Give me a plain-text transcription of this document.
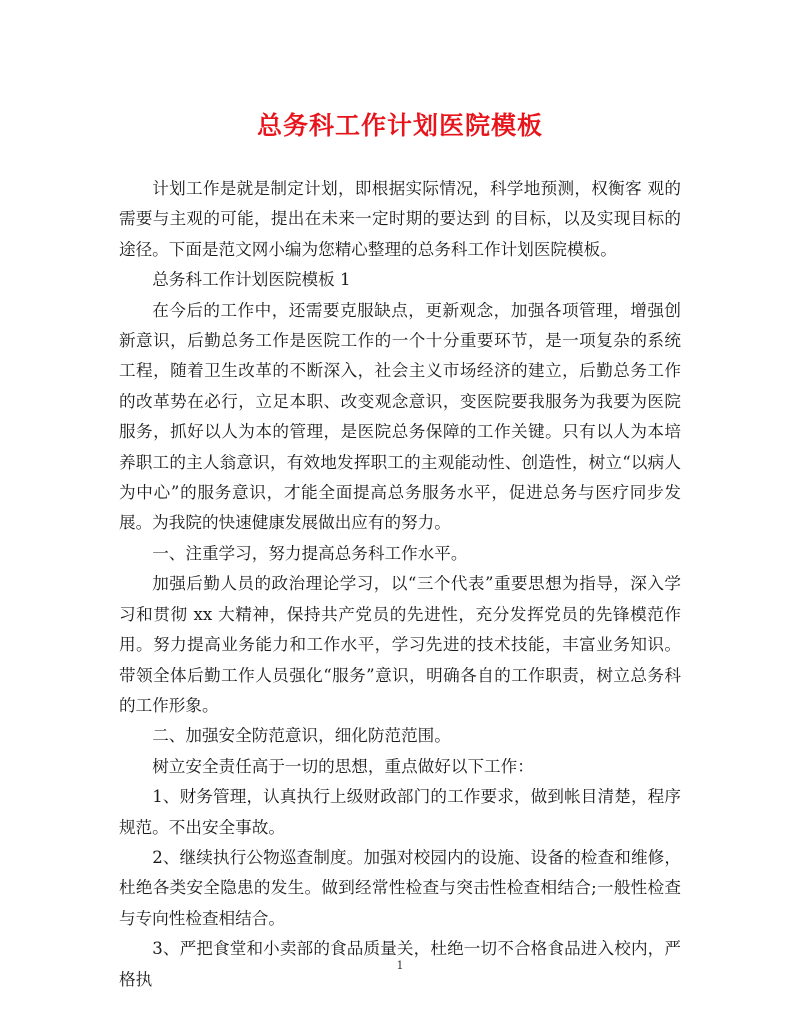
总务科工作计划医院模板

计划工作是就是制定计划，即根据实际情况，科学地预测，权衡客 观的需要与主观的可能，提出在未来一定时期的要达到 的目标，以及实现目标的途径。下面是范文网小编为您精心整理的总务科工作计划医院模板。

总务科工作计划医院模板 1

在今后的工作中，还需要克服缺点，更新观念，加强各项管理，增强创新意识，后勤总务工作是医院工作的一个十分重要环节，是一项复杂的系统工程，随着卫生改革的不断深入，社会主义市场经济的建立，后勤总务工作的改革势在必行，立足本职、改变观念意识，变医院要我服务为我要为医院服务，抓好以人为本的管理，是医院总务保障的工作关键。只有以人为本培养职工的主人翁意识，有效地发挥职工的主观能动性、创造性，树立“以病人为中心”的服务意识，才能全面提高总务服务水平，促进总务与医疗同步发展。为我院的快速健康发展做出应有的努力。

一、注重学习，努力提高总务科工作水平。

加强后勤人员的政治理论学习，以“三个代表”重要思想为指导，深入学习和贯彻 xx 大精神，保持共产党员的先进性，充分发挥党员的先锋模范作用。努力提高业务能力和工作水平，学习先进的技术技能，丰富业务知识。带领全体后勤工作人员强化“服务”意识，明确各自的工作职责，树立总务科的工作形象。

二、加强安全防范意识，细化防范范围。

树立安全责任高于一切的思想，重点做好以下工作：

1、财务管理，认真执行上级财政部门的工作要求，做到帐目清楚，程序规范。不出安全事故。

2、继续执行公物巡查制度。加强对校园内的设施、设备的检查和维修，杜绝各类安全隐患的发生。做到经常性检查与突击性检查相结合;一般性检查与专向性检查相结合。

3、严把食堂和小卖部的食品质量关，杜绝一切不合格食品进入校内，严格执

1
